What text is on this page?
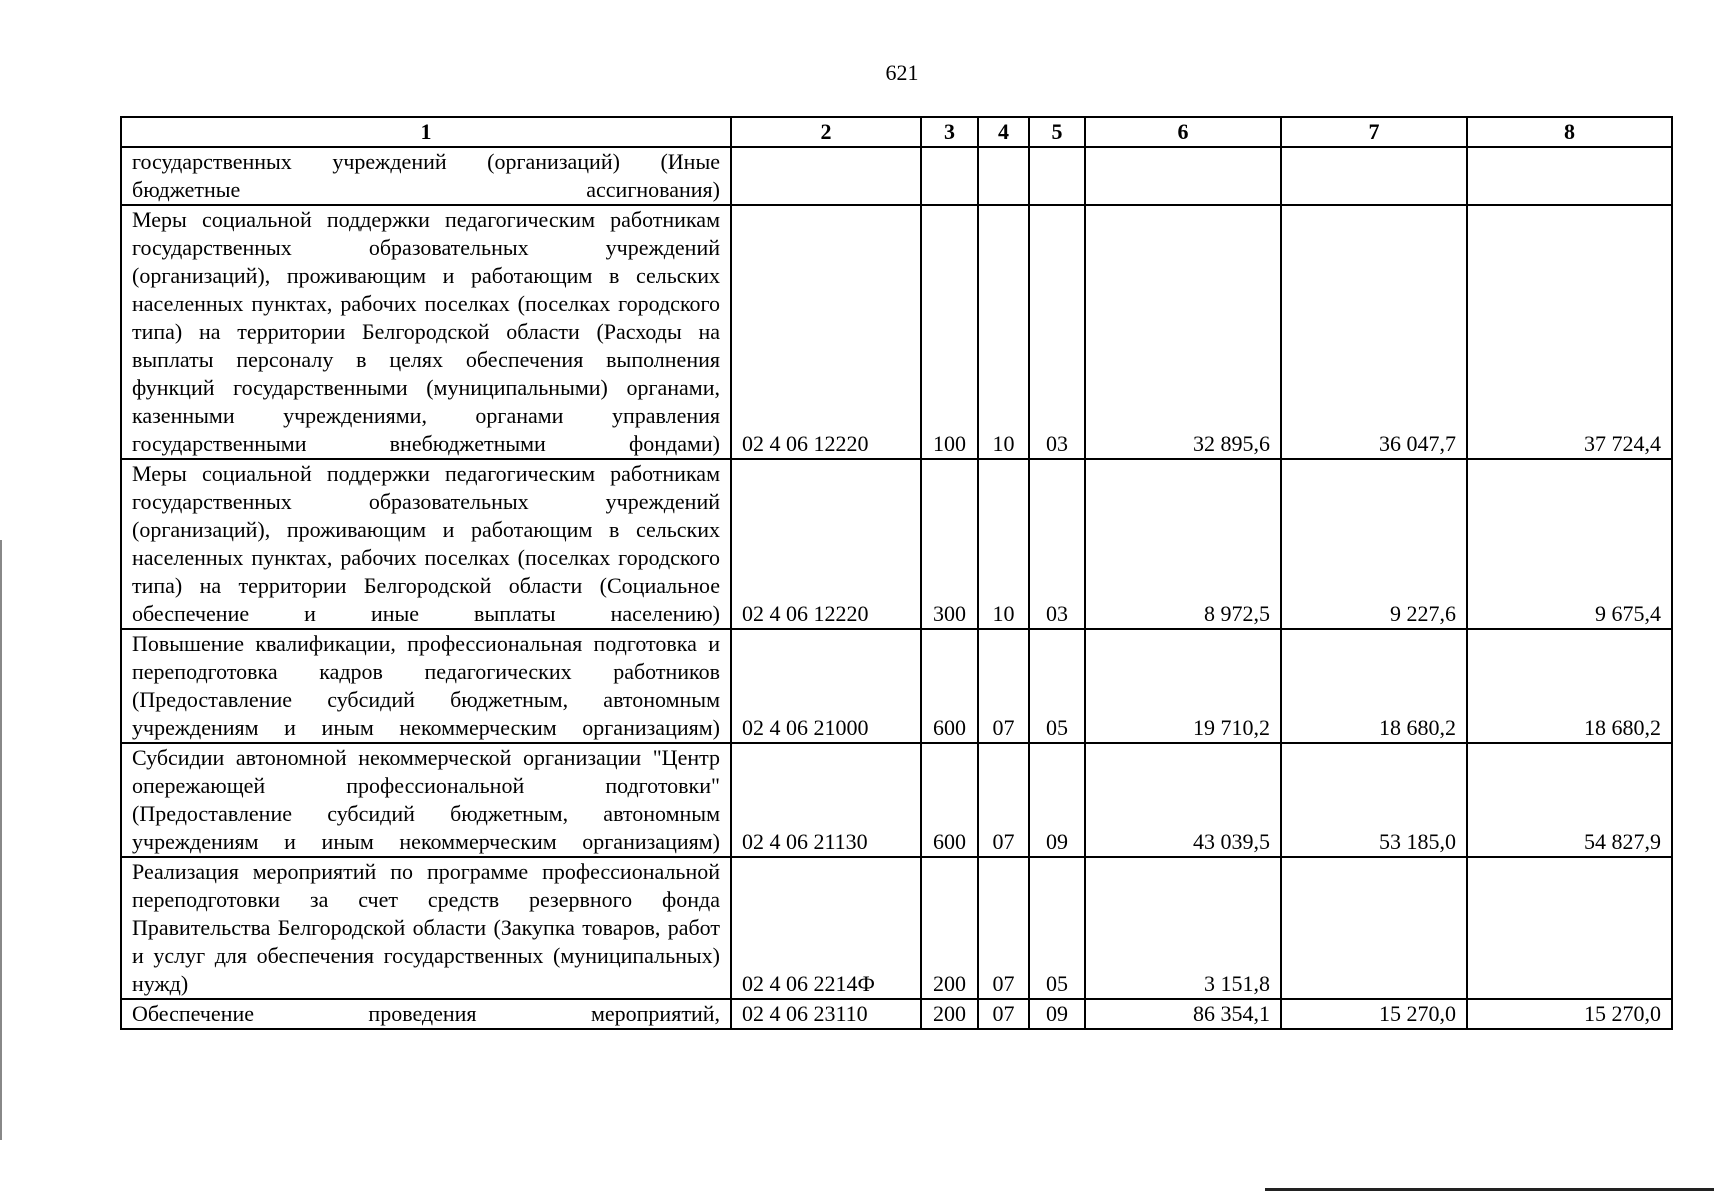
621
1	2	3	4	5	6	7	8
государственных учреждений (организаций) (Иные бюджетные ассигнования)							
Меры социальной поддержки педагогическим работникам государственных образовательных учреждений (организаций), проживающим и работающим в сельских населенных пунктах, рабочих поселках (поселках городского типа) на территории Белгородской области (Расходы на выплаты персоналу в целях обеспечения выполнения функций государственными (муниципальными) органами, казенными учреждениями, органами управления государственными внебюджетными фондами)	02 4 06 12220	100	10	03	32 895,6	36 047,7	37 724,4
Меры социальной поддержки педагогическим работникам государственных образовательных учреждений (организаций), проживающим и работающим в сельских населенных пунктах, рабочих поселках (поселках городского типа) на территории Белгородской области (Социальное обеспечение и иные выплаты населению)	02 4 06 12220	300	10	03	8 972,5	9 227,6	9 675,4
Повышение квалификации, профессиональная подготовка и переподготовка кадров педагогических работников (Предоставление субсидий бюджетным, автономным учреждениям и иным некоммерческим организациям)	02 4 06 21000	600	07	05	19 710,2	18 680,2	18 680,2
Субсидии автономной некоммерческой организации "Центр опережающей профессиональной подготовки" (Предоставление субсидий бюджетным, автономным учреждениям и иным некоммерческим организациям)	02 4 06 21130	600	07	09	43 039,5	53 185,0	54 827,9
Реализация мероприятий по программе профессиональной переподготовки за счет средств резервного фонда Правительства Белгородской области (Закупка товаров, работ и услуг для обеспечения государственных (муниципальных) нужд)	02 4 06 2214Ф	200	07	05	3 151,8		
Обеспечение проведения мероприятий,	02 4 06 23110	200	07	09	86 354,1	15 270,0	15 270,0
